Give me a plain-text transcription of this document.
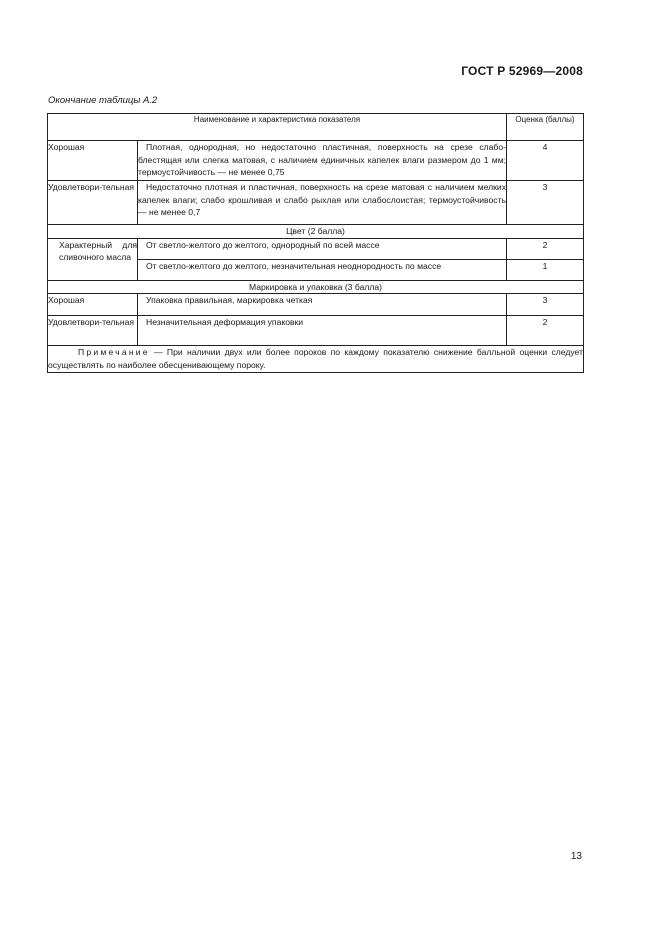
ГОСТ Р 52969—2008
Окончание таблицы А.2
Наименование и характеристика показателя		Оценка (баллы)
Хорошая	Плотная, однородная, но недостаточно пластичная, поверхность на срезе слабо-блестящая или слегка матовая, с наличием единичных капелек влаги размером до 1 мм; термоустойчивость — не менее 0,75	4
Удовлетвори-тельная	Недостаточно плотная и пластичная, поверхность на срезе матовая с наличием мелких капелек влаги; слабо крошливая и слабо рыхлая или слабослоистая; термоустойчивость — не менее 0,7	3
Цвет (2 балла)		

Характерный для сливочного масла	От светло-желтого до желтого, однородный по всей массе	2

	От светло-желтого до желтого, незначительная неоднородность по массе	1
Маркировка и упаковка (3 балла)		
Хорошая	Упаковка правильная, маркировка четкая	3
Удовлетвори-тельная	Незначительная деформация упаковки	2
Примечание — При наличии двух или более пороков по каждому показателю снижение балльной оценки следует осуществлять по наиболее обесценивающему пороку.		
13
